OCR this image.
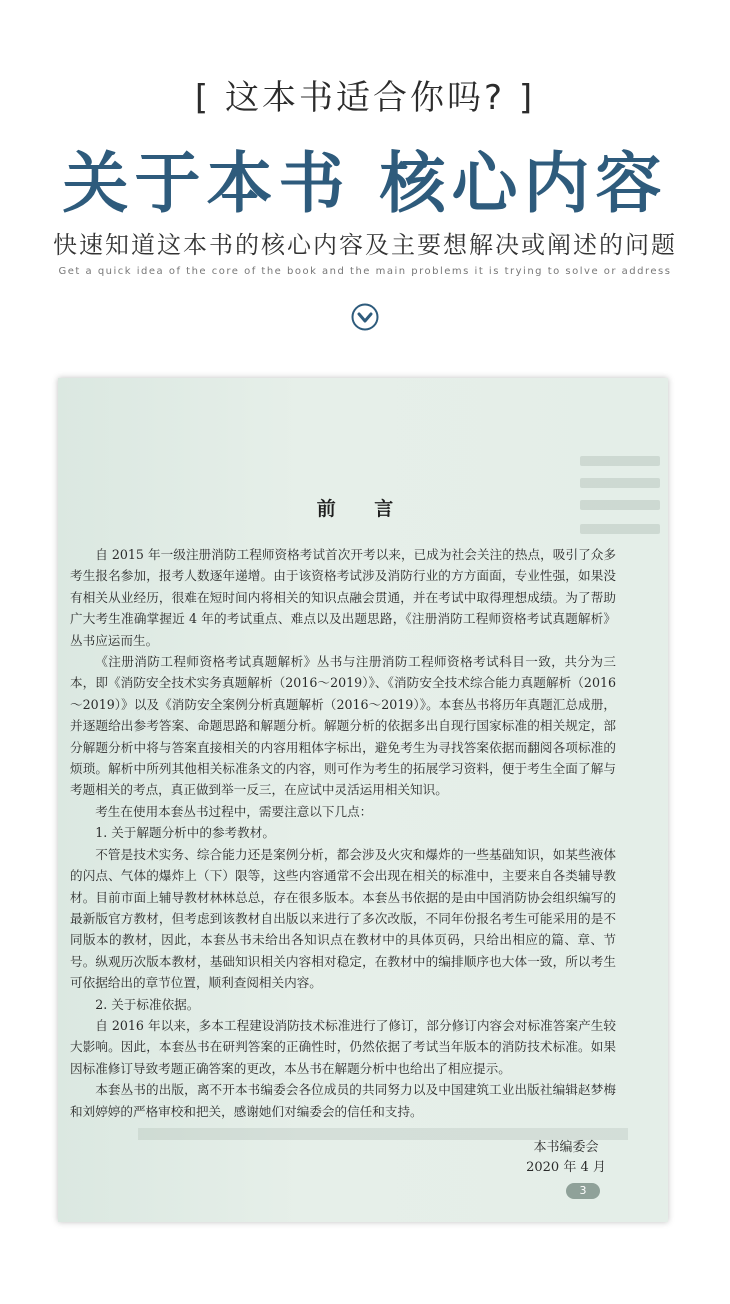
[ 这本书适合你吗? ]
关于本书 核心内容
快速知道这本书的核心内容及主要想解决或阐述的问题
Get a quick idea of the core of the book and the main problems it is trying to solve or address
前 言

自 2015 年一级注册消防工程师资格考试首次开考以来，已成为社会关注的热点，吸引了众多考生报名参加，报考人数逐年递增。由于该资格考试涉及消防行业的方方面面，专业性强，如果没有相关从业经历，很难在短时间内将相关的知识点融会贯通，并在考试中取得理想成绩。为了帮助广大考生准确掌握近 4 年的考试重点、难点以及出题思路，《注册消防工程师资格考试真题解析》丛书应运而生。

《注册消防工程师资格考试真题解析》丛书与注册消防工程师资格考试科目一致，共分为三本，即《消防安全技术实务真题解析（2016～2019）》、《消防安全技术综合能力真题解析（2016～2019）》以及《消防安全案例分析真题解析（2016～2019）》。本套丛书将历年真题汇总成册，并逐题给出参考答案、命题思路和解题分析。解题分析的依据多出自现行国家标准的相关规定，部分解题分析中将与答案直接相关的内容用粗体字标出，避免考生为寻找答案依据而翻阅各项标准的烦琐。解析中所列其他相关标准条文的内容，则可作为考生的拓展学习资料，便于考生全面了解与考题相关的考点，真正做到举一反三，在应试中灵活运用相关知识。

考生在使用本套丛书过程中，需要注意以下几点：

1. 关于解题分析中的参考教材。

不管是技术实务、综合能力还是案例分析，都会涉及火灾和爆炸的一些基础知识，如某些液体的闪点、气体的爆炸上（下）限等，这些内容通常不会出现在相关的标准中，主要来自各类辅导教材。目前市面上辅导教材林林总总，存在很多版本。本套丛书依据的是由中国消防协会组织编写的最新版官方教材，但考虑到该教材自出版以来进行了多次改版，不同年份报名考生可能采用的是不同版本的教材，因此，本套丛书未给出各知识点在教材中的具体页码，只给出相应的篇、章、节号。纵观历次版本教材，基础知识相关内容相对稳定，在教材中的编排顺序也大体一致，所以考生可依据给出的章节位置，顺利查阅相关内容。

2. 关于标准依据。

自 2016 年以来，多本工程建设消防技术标准进行了修订，部分修订内容会对标准答案产生较大影响。因此，本套丛书在研判答案的正确性时，仍然依据了考试当年版本的消防技术标准。如果因标准修订导致考题正确答案的更改，本丛书在解题分析中也给出了相应提示。

本套丛书的出版，离不开本书编委会各位成员的共同努力以及中国建筑工业出版社编辑赵梦梅和刘婷婷的严格审校和把关，感谢她们对编委会的信任和支持。

本书编委会
2020 年 4 月
3
